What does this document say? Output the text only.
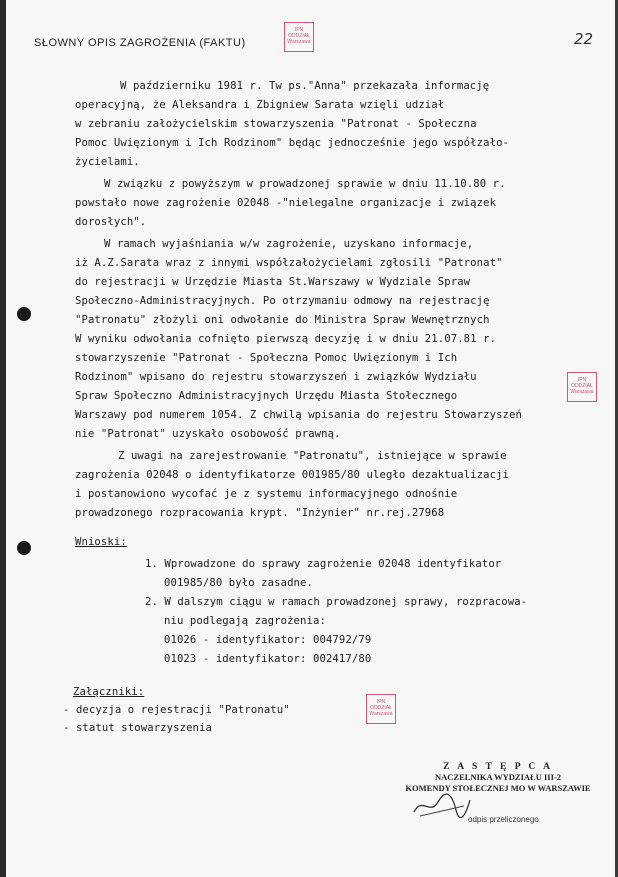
SŁOWNY OPIS ZAGROŻENIA (FAKTU)	22
IPN
ODDZIAŁ
Warszawa
IPN
ODDZIAŁ
Warszawa
IPN
ODDZIAŁ
Warszawa
W październiku 1981 r. Tw ps."Anna" przekazała informację
operacyjną, że Aleksandra i Zbigniew Sarata wzięli udział
w zebraniu założycielskim stowarzyszenia "Patronat - Społeczna
Pomoc Uwięzionym i Ich Rodzinom" będąc jednocześnie jego współzało-
życielami.
W związku z powyższym w prowadzonej sprawie w dniu 11.10.80 r.
powstało nowe zagrożenie 02048 -"nielegalne organizacje i związek
dorosłych".
W ramach wyjaśniania w/w zagrożenie, uzyskano informacje,
iż A.Z.Sarata wraz z innymi współzałożycielami zgłosili "Patronat"
do rejestracji w Urzędzie Miasta St.Warszawy w Wydziale Spraw
Społeczno-Administracyjnych. Po otrzymaniu odmowy na rejestrację
"Patronatu" złożyli oni odwołanie do Ministra Spraw Wewnętrznych
W wyniku odwołania cofnięto pierwszą decyzję i w dniu 21.07.81 r.
stowarzyszenie "Patronat - Społeczna Pomoc Uwięzionym i Ich
Rodzinom" wpisano do rejestru stowarzyszeń i związków Wydziału
Spraw Społeczno Administracyjnych Urzędu Miasta Stołecznego
Warszawy pod numerem 1054. Z chwilą wpisania do rejestru Stowarzyszeń
nie "Patronat" uzyskało osobowość prawną.
Z uwagi na zarejestrowanie "Patronatu", istniejące w sprawie
zagrożenia 02048 o identyfikatorze 001985/80 uległo dezaktualizacji
i postanowiono wycofać je z systemu informacyjnego odnośnie
prowadzonego rozpracowania krypt. "Inżynier" nr.rej.27968
Wnioski:
1. Wprowadzone do sprawy zagrożenie 02048 identyfikator
001985/80 było zasadne.
2. W dalszym ciągu w ramach prowadzonej sprawy, rozpracowa-
niu podlegają zagrożenia:
01026 - identyfikator: 004792/79
01023 - identyfikator: 002417/80
Załączniki:
- decyzja o rejestracji "Patronatu"
- statut stowarzyszenia
Z A S T Ę P C A
NACZELNIKA WYDZIAŁU III-2
KOMENDY STOŁECZNEJ MO W WARSZAWIE
odpis przeliczonego
